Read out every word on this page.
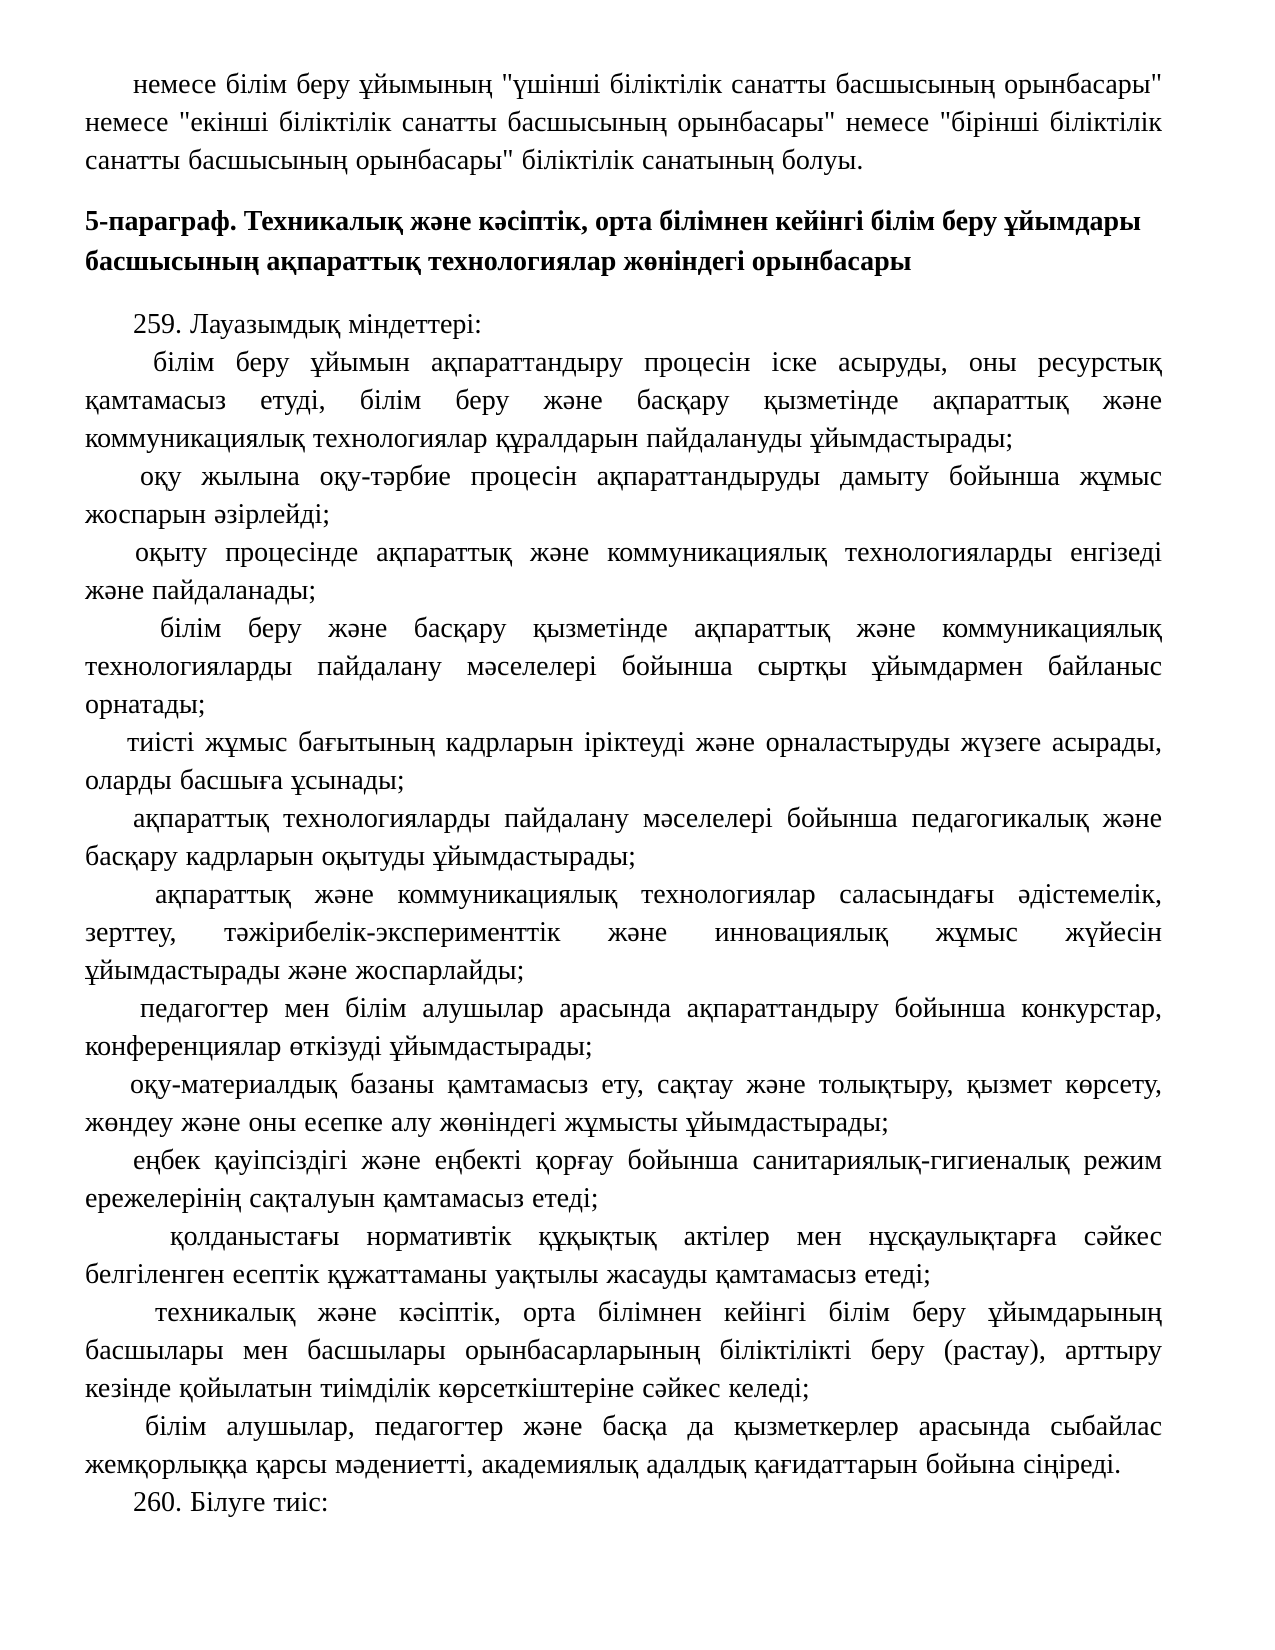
немесе білім беру ұйымының "үшінші біліктілік санатты басшысының орынбасары" немесе "екінші біліктілік санатты басшысының орынбасары" немесе "бірінші біліктілік санатты басшысының орынбасары" біліктілік санатының болуы.

5-параграф. Техникалық және кәсіптік, орта білімнен кейінгі білім беру ұйымдары басшысының ақпараттық технологиялар жөніндегі орынбасары

259. Лауазымдық міндеттері:

білім беру ұйымын ақпараттандыру процесін іске асыруды, оны ресурстық қамтамасыз етуді, білім беру және басқару қызметінде ақпараттық және коммуникациялық технологиялар құралдарын пайдалануды ұйымдастырады;

оқу жылына оқу-тәрбие процесін ақпараттандыруды дамыту бойынша жұмыс жоспарын әзірлейді;

оқыту процесінде ақпараттық және коммуникациялық технологияларды енгізеді және пайдаланады;

білім беру және басқару қызметінде ақпараттық және коммуникациялық технологияларды пайдалану мәселелері бойынша сыртқы ұйымдармен байланыс орнатады;

тиісті жұмыс бағытының кадрларын іріктеуді және орналастыруды жүзеге асырады, оларды басшыға ұсынады;

ақпараттық технологияларды пайдалану мәселелері бойынша педагогикалық және басқару кадрларын оқытуды ұйымдастырады;

ақпараттық және коммуникациялық технологиялар саласындағы әдістемелік, зерттеу, тәжірибелік-эксперименттік және инновациялық жұмыс жүйесін ұйымдастырады және жоспарлайды;

педагогтер мен білім алушылар арасында ақпараттандыру бойынша конкурстар, конференциялар өткізуді ұйымдастырады;

оқу-материалдық базаны қамтамасыз ету, сақтау және толықтыру, қызмет көрсету, жөндеу және оны есепке алу жөніндегі жұмысты ұйымдастырады;

еңбек қауіпсіздігі және еңбекті қорғау бойынша санитариялық-гигиеналық режим ережелерінің сақталуын қамтамасыз етеді;

қолданыстағы нормативтік құқықтық актілер мен нұсқаулықтарға сәйкес белгіленген есептік құжаттаманы уақтылы жасауды қамтамасыз етеді;

техникалық және кәсіптік, орта білімнен кейінгі білім беру ұйымдарының басшылары мен басшылары орынбасарларының біліктілікті беру (растау), арттыру кезінде қойылатын тиімділік көрсеткіштеріне сәйкес келеді;

білім алушылар, педагогтер және басқа да қызметкерлер арасында сыбайлас жемқорлыққа қарсы мәдениетті, академиялық адалдық қағидаттарын бойына сіңіреді.

260. Білуге тиіс:
